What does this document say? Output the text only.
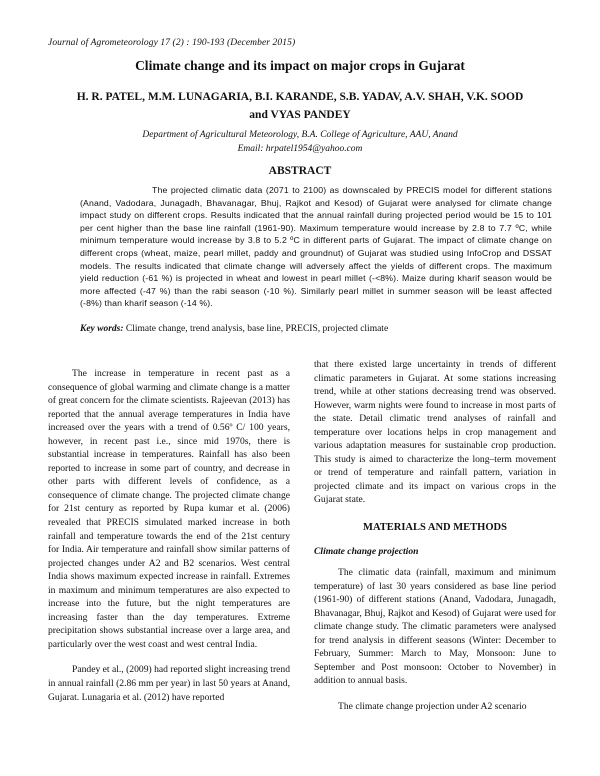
Journal of Agrometeorology 17 (2) : 190-193 (December 2015)
Climate change and its impact on major crops in Gujarat
H. R. PATEL, M.M. LUNAGARIA, B.I. KARANDE, S.B. YADAV, A.V. SHAH, V.K. SOOD
and VYAS PANDEY
Department of Agricultural Meteorology, B.A. College of Agriculture, AAU, Anand
Email: hrpatel1954@yahoo.com
ABSTRACT
The projected climatic data (2071 to 2100) as downscaled by PRECIS model for different stations (Anand, Vadodara, Junagadh, Bhavanagar, Bhuj, Rajkot and Kesod) of Gujarat were analysed for climate change impact study on different crops. Results indicated that the annual rainfall during projected period would be 15 to 101 per cent higher than the base line rainfall (1961-90). Maximum temperature would increase by 2.8 to 7.7 ºC, while minimum temperature would increase by 3.8 to 5.2 ºC in different parts of Gujarat. The impact of climate change on different crops (wheat, maize, pearl millet, paddy and groundnut) of Gujarat was studied using InfoCrop and DSSAT models. The results indicated that climate change will adversely affect the yields of different crops. The maximum yield reduction (-61 %) is projected in wheat and lowest in pearl millet (-<8%). Maize during kharif season would be more affected (-47 %) than the rabi season (-10 %). Similarly pearl millet in summer season will be least affected (-8%) than kharif season (-14 %).
Key words: Climate change, trend analysis, base line, PRECIS, projected climate

The increase in temperature in recent past as a consequence of global warming and climate change is a matter of great concern for the climate scientists. Rajeevan (2013) has reported that the annual average temperatures in India have increased over the years with a trend of 0.56º C/ 100 years, however, in recent past i.e., since mid 1970s, there is substantial increase in temperatures. Rainfall has also been reported to increase in some part of country, and decrease in other parts with different levels of confidence, as a consequence of climate change. The projected climate change for 21st century as reported by Rupa kumar et al. (2006) revealed that PRECIS simulated marked increase in both rainfall and temperature towards the end of the 21st century for India. Air temperature and rainfall show similar patterns of projected changes under A2 and B2 scenarios. West central India shows maximum expected increase in rainfall. Extremes in maximum and minimum temperatures are also expected to increase into the future, but the night temperatures are increasing faster than the day temperatures. Extreme precipitation shows substantial increase over a large area, and particularly over the west coast and west central India.

Pandey et al., (2009) had reported slight increasing trend in annual rainfall (2.86 mm per year) in last 50 years at Anand, Gujarat. Lunagaria et al. (2012) have reported

that there existed large uncertainty in trends of different climatic parameters in Gujarat. At some stations increasing trend, while at other stations decreasing trend was observed. However, warm nights were found to increase in most parts of the state. Detail climatic trend analyses of rainfall and temperature over locations helps in crop management and various adaptation measures for sustainable crop production. This study is aimed to characterize the long–term movement or trend of temperature and rainfall pattern, variation in projected climate and its impact on various crops in the Gujarat state.

MATERIALS AND METHODS
Climate change projection

The climatic data (rainfall, maximum and minimum temperature) of last 30 years considered as base line period (1961-90) of different stations (Anand, Vadodara, Junagadh, Bhavanagar, Bhuj, Rajkot and Kesod) of Gujarat were used for climate change study. The climatic parameters were analysed for trend analysis in different seasons (Winter: December to February, Summer: March to May, Monsoon: June to September and Post monsoon: October to November) in addition to annual basis.

The climate change projection under A2 scenario
